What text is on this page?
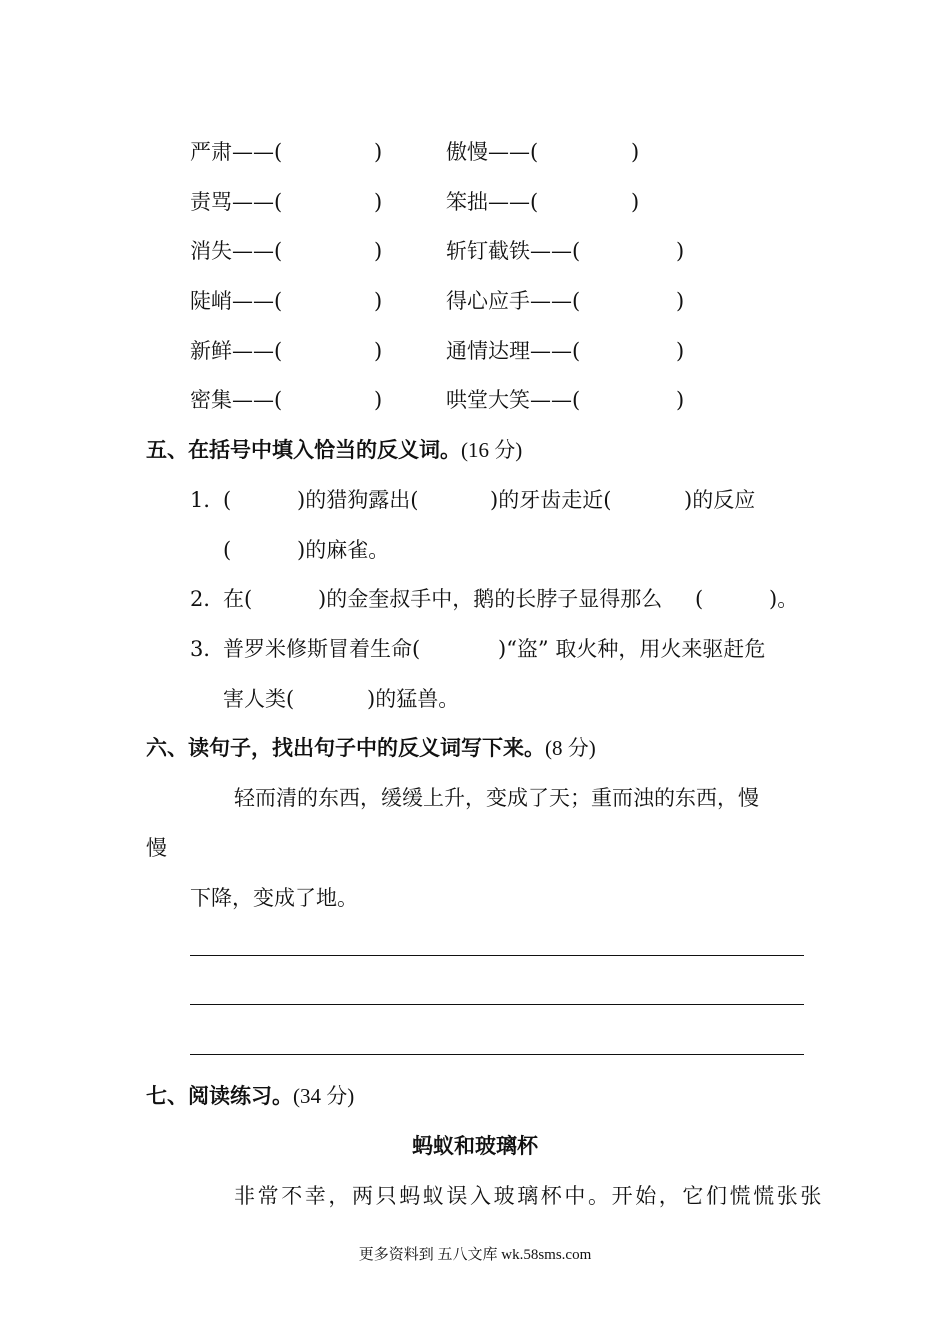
严肃——(	)	傲慢——(	)
责骂——(	)	笨拙——(	)
消失——(	)	斩钉截铁——(	)
陡峭——(	)	得心应手——(	)
新鲜——(	)	通情达理——(	)
密集——(	)	哄堂大笑——(	)
五、在括号中填入恰当的反义词。(16 分)
1．
(	)的猎狗露出(	)的牙齿走近(	)的反应
(	)的麻雀。
2．
在(	)的金奎叔手中，鹅的长脖子显得那么 (	)。
3．
普罗米修斯冒着生命(	)“盗” 取火种，用火来驱赶危
害人类(	)的猛兽。
六、读句子，找出句子中的反义词写下来。(8 分)
轻而清的东西，缓缓上升，变成了天；重而浊的东西，慢
慢
下降，变成了地。
七、阅读练习。(34 分)
蚂蚁和玻璃杯
非常不幸，两只蚂蚁误入玻璃杯中。开始，它们慌慌张张
更多资料到 五八文库 wk.58sms.com
